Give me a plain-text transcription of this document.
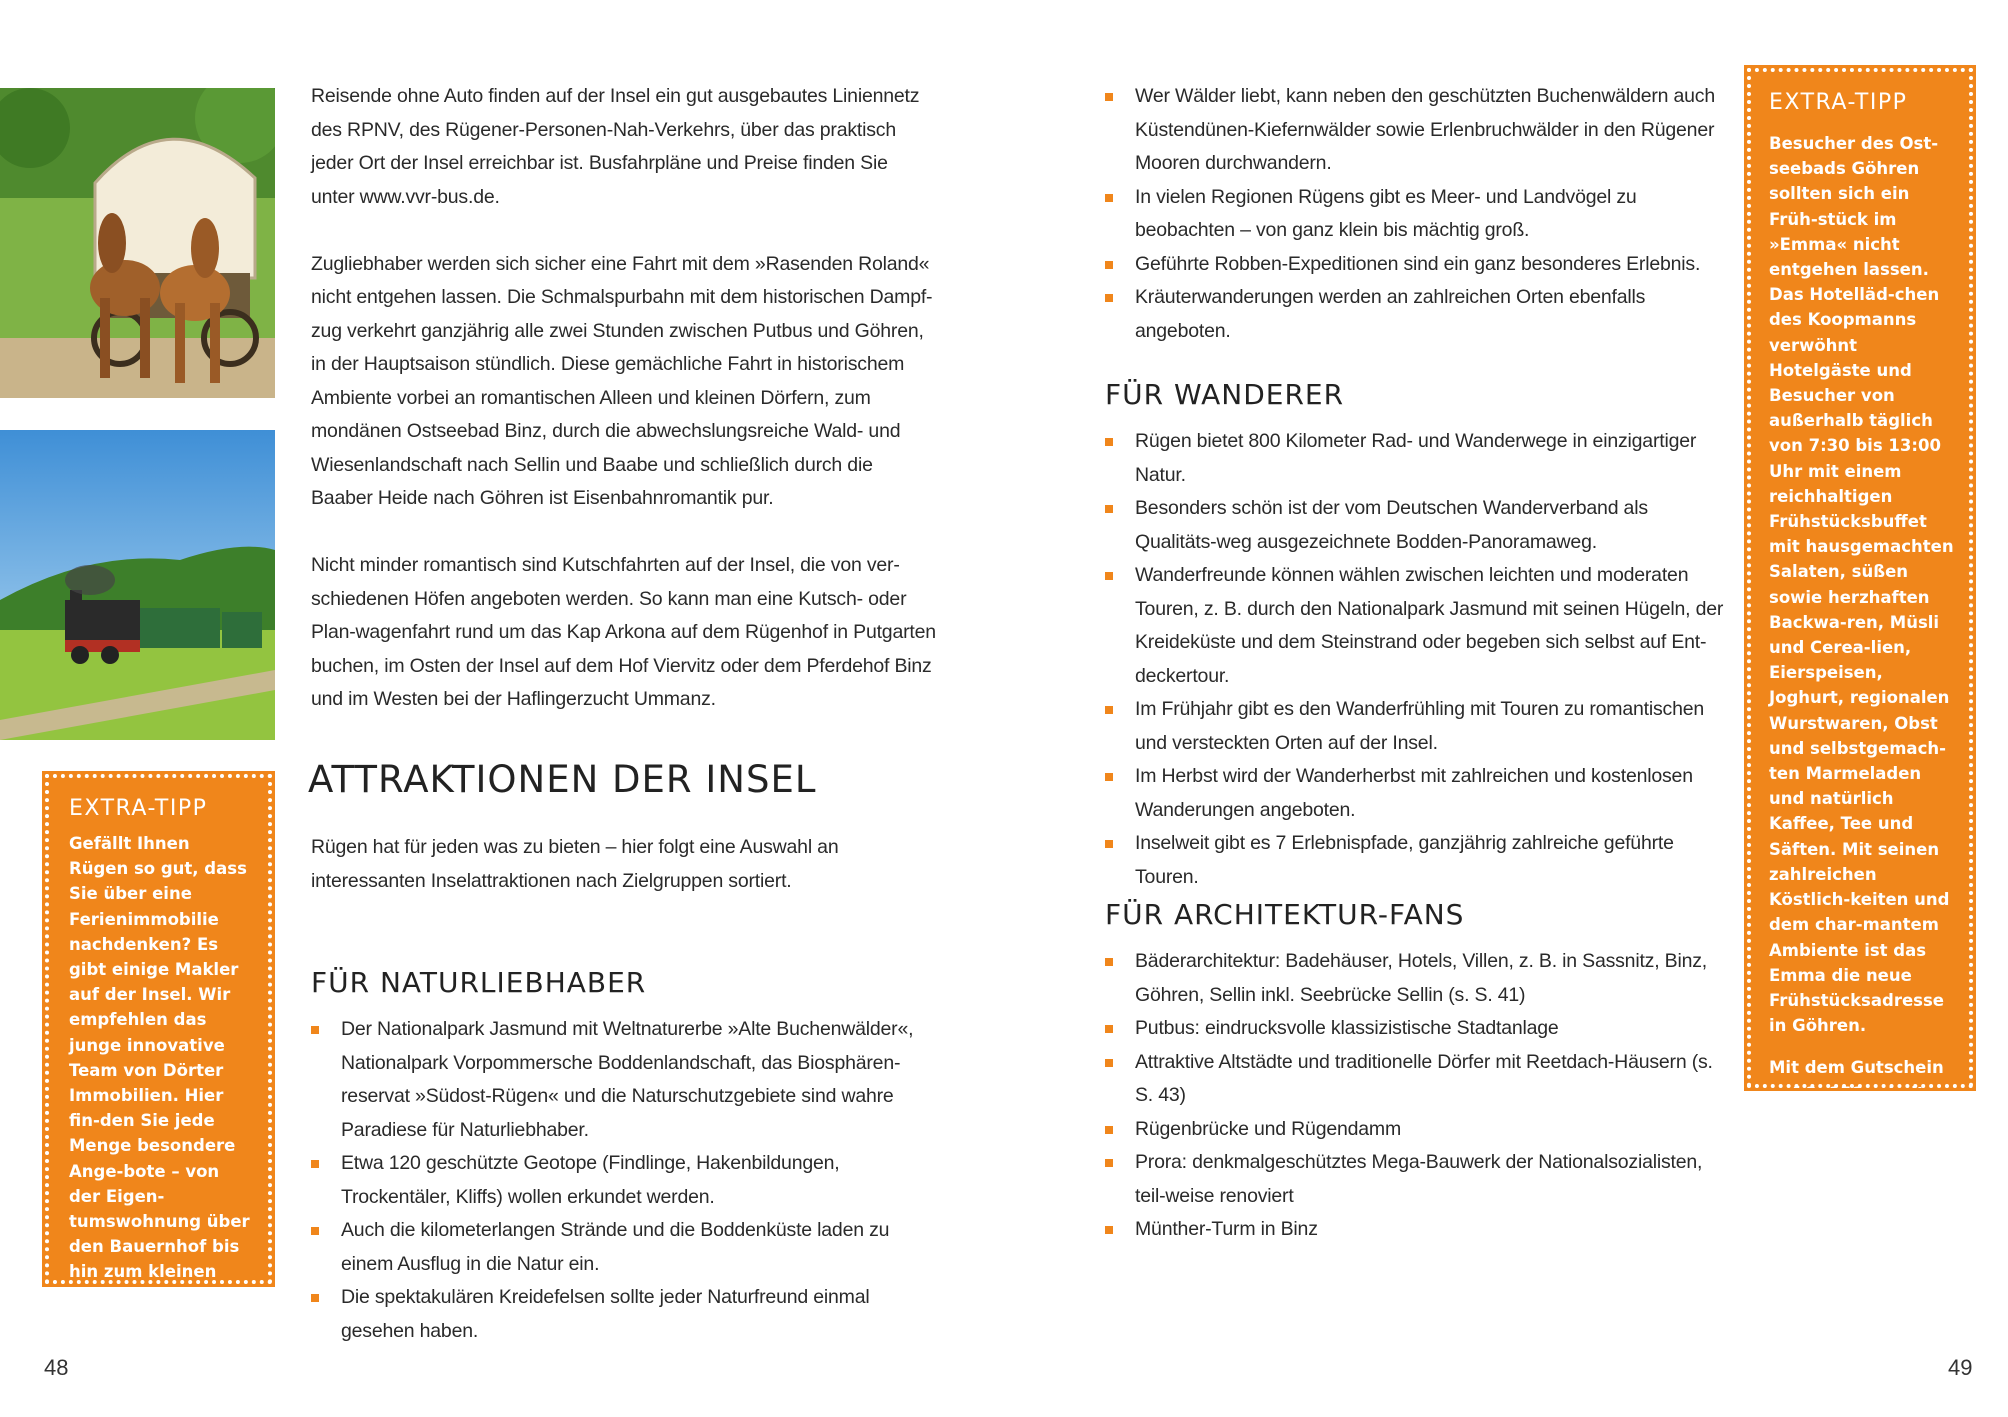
EXTRA-TIPP

Gefällt Ihnen Rügen so gut, dass Sie über eine Ferienimmobilie nachdenken? Es gibt einige Makler auf der Insel. Wir empfehlen das junge innovative Team von Dörter Immobilien. Hier fin-den Sie jede Menge besondere Ange-bote – von der Eigen-tumswohnung über den Bauernhof bis hin zum kleinen Hotel.

doerter-immobilien@gmx.de
Tel: 0157/32084837

Reisende ohne Auto finden auf der Insel ein gut ausgebautes Liniennetz des RPNV, des Rügener-Personen-Nah-Verkehrs, über das praktisch jeder Ort der Insel erreichbar ist. Busfahrpläne und Preise finden Sie unter www.vvr-bus.de.

Zugliebhaber werden sich sicher eine Fahrt mit dem »Rasenden Roland« nicht entgehen lassen. Die Schmalspurbahn mit dem historischen Dampf-zug verkehrt ganzjährig alle zwei Stunden zwischen Putbus und Göhren, in der Hauptsaison stündlich. Diese gemächliche Fahrt in historischem Ambiente vorbei an romantischen Alleen und kleinen Dörfern, zum mondänen Ostseebad Binz, durch die abwechslungsreiche Wald- und Wiesenlandschaft nach Sellin und Baabe und schließlich durch die Baaber Heide nach Göhren ist Eisenbahnromantik pur.

Nicht minder romantisch sind Kutschfahrten auf der Insel, die von ver-schiedenen Höfen angeboten werden. So kann man eine Kutsch- oder Plan-wagenfahrt rund um das Kap Arkona auf dem Rügenhof in Putgarten buchen, im Osten der Insel auf dem Hof Viervitz oder dem Pferdehof Binz und im Westen bei der Haflingerzucht Ummanz.

ATTRAKTIONEN DER INSEL

Rügen hat für jeden was zu bieten – hier folgt eine Auswahl an interessanten Inselattraktionen nach Zielgruppen sortiert.

FÜR NATURLIEBHABER
Der Nationalpark Jasmund mit Weltnaturerbe »Alte Buchenwälder«, Nationalpark Vorpommersche Boddenlandschaft, das Biosphären-reservat »Südost-Rügen« und die Naturschutzgebiete sind wahre Paradiese für Naturliebhaber.
Etwa 120 geschützte Geotope (Findlinge, Hakenbildungen, Trockentäler, Kliffs) wollen erkundet werden.
Auch die kilometerlangen Strände und die Boddenküste laden zu einem Ausflug in die Natur ein.
Die spektakulären Kreidefelsen sollte jeder Naturfreund einmal gesehen haben.
48
Wer Wälder liebt, kann neben den geschützten Buchenwäldern auch Küstendünen-Kiefernwälder sowie Erlenbruchwälder in den Rügener Mooren durchwandern.
In vielen Regionen Rügens gibt es Meer- und Landvögel zu beobachten – von ganz klein bis mächtig groß.
Geführte Robben-Expeditionen sind ein ganz besonderes Erlebnis.
Kräuterwanderungen werden an zahlreichen Orten ebenfalls angeboten.
FÜR WANDERER
Rügen bietet 800 Kilometer Rad- und Wanderwege in einzigartiger Natur.
Besonders schön ist der vom Deutschen Wanderverband als Qualitäts-weg ausgezeichnete Bodden-Panoramaweg.
Wanderfreunde können wählen zwischen leichten und moderaten Touren, z. B. durch den Nationalpark Jasmund mit seinen Hügeln, der Kreideküste und dem Steinstrand oder begeben sich selbst auf Ent-deckertour.
Im Frühjahr gibt es den Wanderfrühling mit Touren zu romantischen und versteckten Orten auf der Insel.
Im Herbst wird der Wanderherbst mit zahlreichen und kostenlosen Wanderungen angeboten.
Inselweit gibt es 7 Erlebnispfade, ganzjährig zahlreiche geführte Touren.
FÜR ARCHITEKTUR-FANS
Bäderarchitektur: Badehäuser, Hotels, Villen, z. B. in Sassnitz, Binz, Göhren, Sellin inkl. Seebrücke Sellin (s. S. 41)
Putbus: eindrucksvolle klassizistische Stadtanlage
Attraktive Altstädte und traditionelle Dörfer mit Reetdach-Häusern (s. S. 43)
Rügenbrücke und Rügendamm
Prora: denkmalgeschütztes Mega-Bauwerk der Nationalsozialisten, teil-weise renoviert
Münther-Turm in Binz
EXTRA-TIPP

Besucher des Ost-seebads Göhren sollten sich ein Früh-stück im »Emma« nicht entgehen lassen. Das Hotelläd-chen des Koopmanns verwöhnt Hotelgäste und Besucher von außerhalb täglich von 7:30 bis 13:00 Uhr mit einem reichhaltigen Frühstücksbuffet mit hausgemachten Salaten, süßen sowie herzhaften Backwa-ren, Müsli und Cerea-lien, Eierspeisen, Joghurt, regionalen Wurstwaren, Obst und selbstgemach-ten Marmeladen und natürlich Kaffee, Tee und Säften. Mit seinen zahlreichen Köstlich-keiten und dem char-mantem Ambiente ist das Emma die neue Frühstücksadresse in Göhren.

Mit dem Gutschein auf S. 158 erhalten Sie 10 % Rabatt auf das Frühstück.

Mehr Infos unter www. koopmanns.de/de/laedchen/ fruehstueck
49
